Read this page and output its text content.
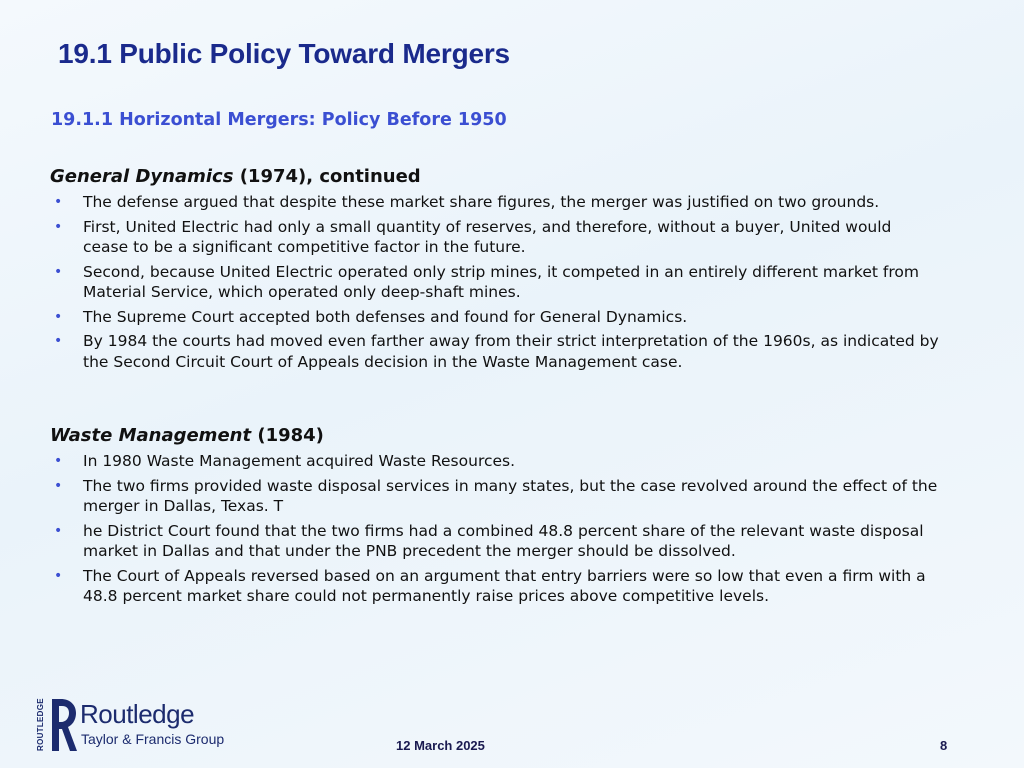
19.1 Public Policy Toward Mergers
19.1.1 Horizontal Mergers: Policy Before 1950
General Dynamics (1974), continued
• The defense argued that despite these market share figures, the merger was justified on two grounds.
• First, United Electric had only a small quantity of reserves, and therefore, without a buyer, United would cease to be a significant competitive factor in the future.
• Second, because United Electric operated only strip mines, it competed in an entirely different market from Material Service, which operated only deep-shaft mines.
• The Supreme Court accepted both defenses and found for General Dynamics.
• By 1984 the courts had moved even farther away from their strict interpretation of the 1960s, as indicated by the Second Circuit Court of Appeals decision in the Waste Management case.
Waste Management (1984)
• In 1980 Waste Management acquired Waste Resources.
• The two firms provided waste disposal services in many states, but the case revolved around the effect of the merger in Dallas, Texas. T
• he District Court found that the two firms had a combined 48.8 percent share of the relevant waste disposal market in Dallas and that under the PNB precedent the merger should be dissolved.
• The Court of Appeals reversed based on an argument that entry barriers were so low that even a firm with a 48.8 percent market share could not permanently raise prices above competitive levels.
ROUTLEDGE Routledge
Taylor & Francis Group	12 March 2025	8
